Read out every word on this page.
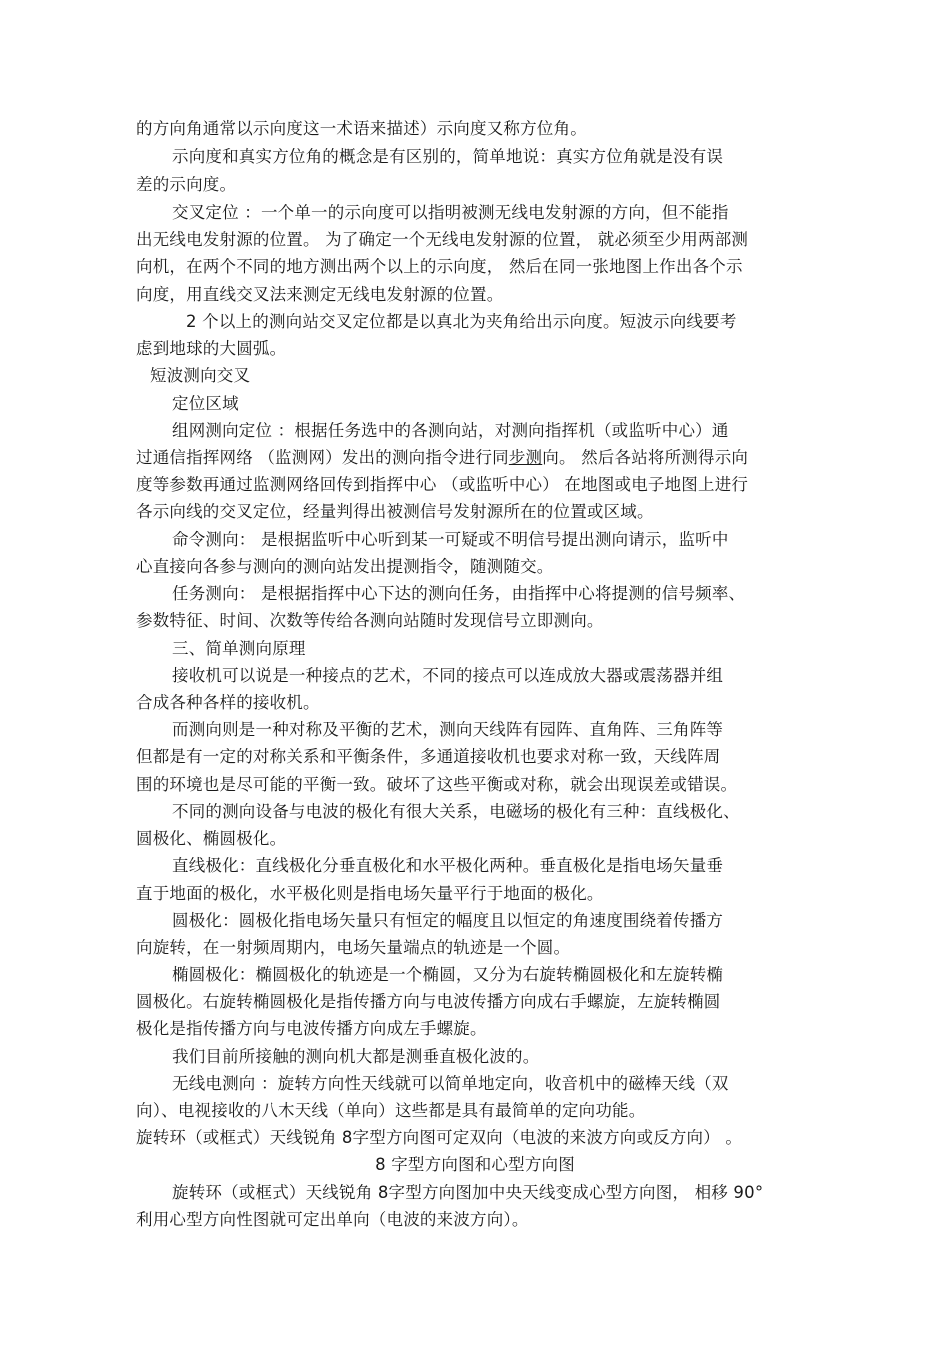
的方向角通常以示向度这一术语来描述）示向度又称方位角。
示向度和真实方位角的概念是有区别的，简单地说：真实方位角就是没有误
差的示向度。
交叉定位 ：一个单一的示向度可以指明被测无线电发射源的方向，但不能指
出无线电发射源的位置。 为了确定一个无线电发射源的位置， 就必须至少用两部测
向机，在两个不同的地方测出两个以上的示向度， 然后在同一张地图上作出各个示
向度，用直线交叉法来测定无线电发射源的位置。
2 个以上的测向站交叉定位都是以真北为夹角给出示向度。短波示向线要考
虑到地球的大圆弧。
短波测向交叉
定位区域
组网测向定位 ：根据任务选中的各测向站，对测向指挥机（或监听中心）通
过通信指挥网络 （监测网）发出的测向指令进行同步测向。 然后各站将所测得示向
度等参数再通过监测网络回传到指挥中心 （或监听中心） 在地图或电子地图上进行
各示向线的交叉定位，经量判得出被测信号发射源所在的位置或区域。
命令测向： 是根据监听中心听到某一可疑或不明信号提出测向请示，监听中
心直接向各参与测向的测向站发出提测指令，随测随交。
任务测向： 是根据指挥中心下达的测向任务，由指挥中心将提测的信号频率、
参数特征、时间、次数等传给各测向站随时发现信号立即测向。
三、简单测向原理
接收机可以说是一种接点的艺术，不同的接点可以连成放大器或震荡器并组
合成各种各样的接收机。
而测向则是一种对称及平衡的艺术，测向天线阵有园阵、直角阵、三角阵等
但都是有一定的对称关系和平衡条件，多通道接收机也要求对称一致，天线阵周
围的环境也是尽可能的平衡一致。破坏了这些平衡或对称，就会出现误差或错误。
不同的测向设备与电波的极化有很大关系，电磁场的极化有三种：直线极化、
圆极化、椭圆极化。
直线极化：直线极化分垂直极化和水平极化两种。垂直极化是指电场矢量垂
直于地面的极化，水平极化则是指电场矢量平行于地面的极化。
圆极化：圆极化指电场矢量只有恒定的幅度且以恒定的角速度围绕着传播方
向旋转，在一射频周期内，电场矢量端点的轨迹是一个圆。
椭圆极化：椭圆极化的轨迹是一个椭圆，又分为右旋转椭圆极化和左旋转椭
圆极化。右旋转椭圆极化是指传播方向与电波传播方向成右手螺旋，左旋转椭圆
极化是指传播方向与电波传播方向成左手螺旋。
我们目前所接触的测向机大都是测垂直极化波的。
无线电测向 ：旋转方向性天线就可以简单地定向，收音机中的磁棒天线（双
向）、电视接收的八木天线（单向）这些都是具有最简单的定向功能。
旋转环（或框式）天线锐角 8字型方向图可定双向（电波的来波方向或反方向） 。
8 字型方向图和心型方向图
旋转环（或框式）天线锐角 8字型方向图加中央天线变成心型方向图， 相移 90°
利用心型方向性图就可定出单向（电波的来波方向）。
